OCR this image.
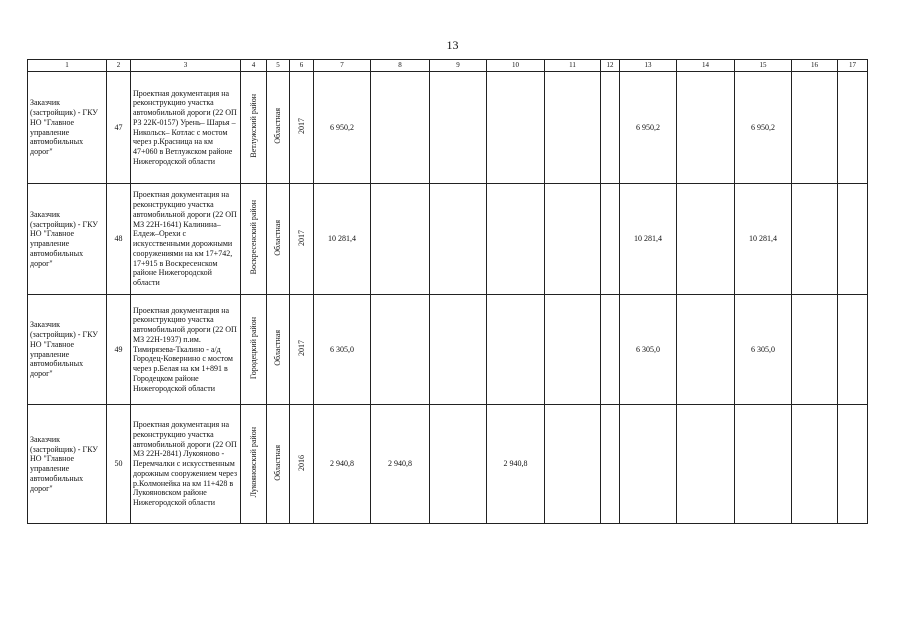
13
1	2	3	4	5	6	7	8	9	10	11	12	13	14	15	16	17
Заказчик (застройщик) - ГКУ НО "Главное управление автомобильных дорог"	47	Проектная документация на реконструкцию участка автомобильной дороги (22 ОП РЗ 22К-0157) Урень– Шарья – Никольск– Котлас с мостом через р.Красница на км 47+060 в Ветлужском районе Нижегородской области	Ветлужский район	Областная	2017	6 950,2						6 950,2		6 950,2		
Заказчик (застройщик) - ГКУ НО "Главное управление автомобильных дорог"	48	Проектная документация на реконструкцию участка автомобильной дороги (22 ОП МЗ 22Н-1641) Калинина–Елдеж–Орехи с искусственными дорожными сооружениями на км 17+742, 17+915 в Воскресенском районе Нижегородской области	Воскресенский район	Областная	2017	10 281,4						10 281,4		10 281,4		
Заказчик (застройщик) - ГКУ НО "Главное управление автомобильных дорог"	49	Проектная документация на реконструкцию участка автомобильной дороги (22 ОП МЗ 22Н-1937) п.им. Тимирязева-Ткалино - а/д Городец-Ковернино с мостом через р.Белая на км 1+891 в Городецком районе Нижегородской области	Городецкий район	Областная	2017	6 305,0						6 305,0		6 305,0		
Заказчик (застройщик) - ГКУ НО "Главное управление автомобильных дорог"	50	Проектная документация на реконструкцию участка автомобильной дороги (22 ОП МЗ 22Н-2841) Лукояново - Перемчалки с искусственным дорожным сооружением через р.Колмонейка на км 11+428 в Лукояновском районе Нижегородской области	Лукояновский район	Областная	2016	2 940,8	2 940,8		2 940,8							
